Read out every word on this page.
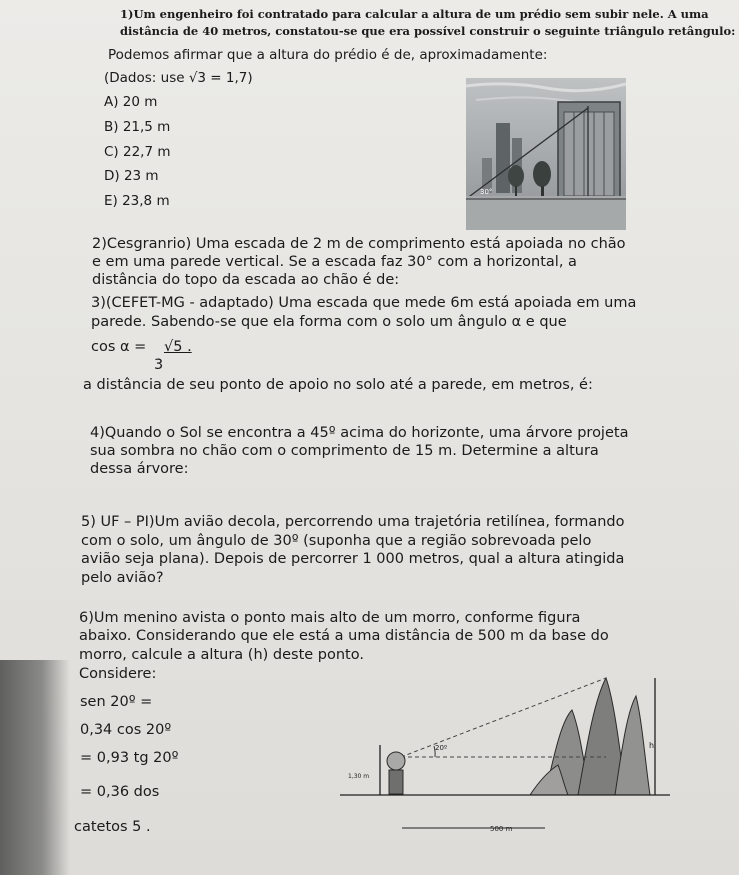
1)Um engenheiro foi contratado para calcular a altura de um prédio sem subir nele. A uma
distância de 40 metros, constatou-se que era possível construir o seguinte triângulo retângulo:
Podemos afirmar que a altura do prédio é de, aproximadamente:
(Dados: use √3 = 1,7)
A) 20 m
B) 21,5 m
C) 22,7 m
D) 23 m
E) 23,8 m
30°
2)Cesgranrio) Uma escada de 2 m de comprimento está apoiada no chão
e em uma parede vertical. Se a escada faz 30° com a horizontal, a
distância do topo da escada ao chão é de:
3)(CEFET-MG - adaptado) Uma escada que mede 6m está apoiada em uma
parede. Sabendo-se que ela forma com o solo um ângulo α e que
cos α = √5 .
3
a distância de seu ponto de apoio no solo até a parede, em metros, é:
4)Quando o Sol se encontra a 45º acima do horizonte, uma árvore projeta
sua sombra no chão com o comprimento de 15 m. Determine a altura
dessa árvore:
5) UF – PI)Um avião decola, percorrendo uma trajetória retilínea, formando
com o solo, um ângulo de 30º (suponha que a região sobrevoada pelo
avião seja plana). Depois de percorrer 1 000 metros, qual a altura atingida
pelo avião?
6)Um menino avista o ponto mais alto de um morro, conforme figura
abaixo. Considerando que ele está a uma distância de 500 m da base do
morro, calcule a altura (h) deste ponto.
Considere:
sen 20º =
0,34 cos 20º
= 0,93 tg 20º
= 0,36 dos
catetos 5 .
h
20º
1,30 m
500 m
